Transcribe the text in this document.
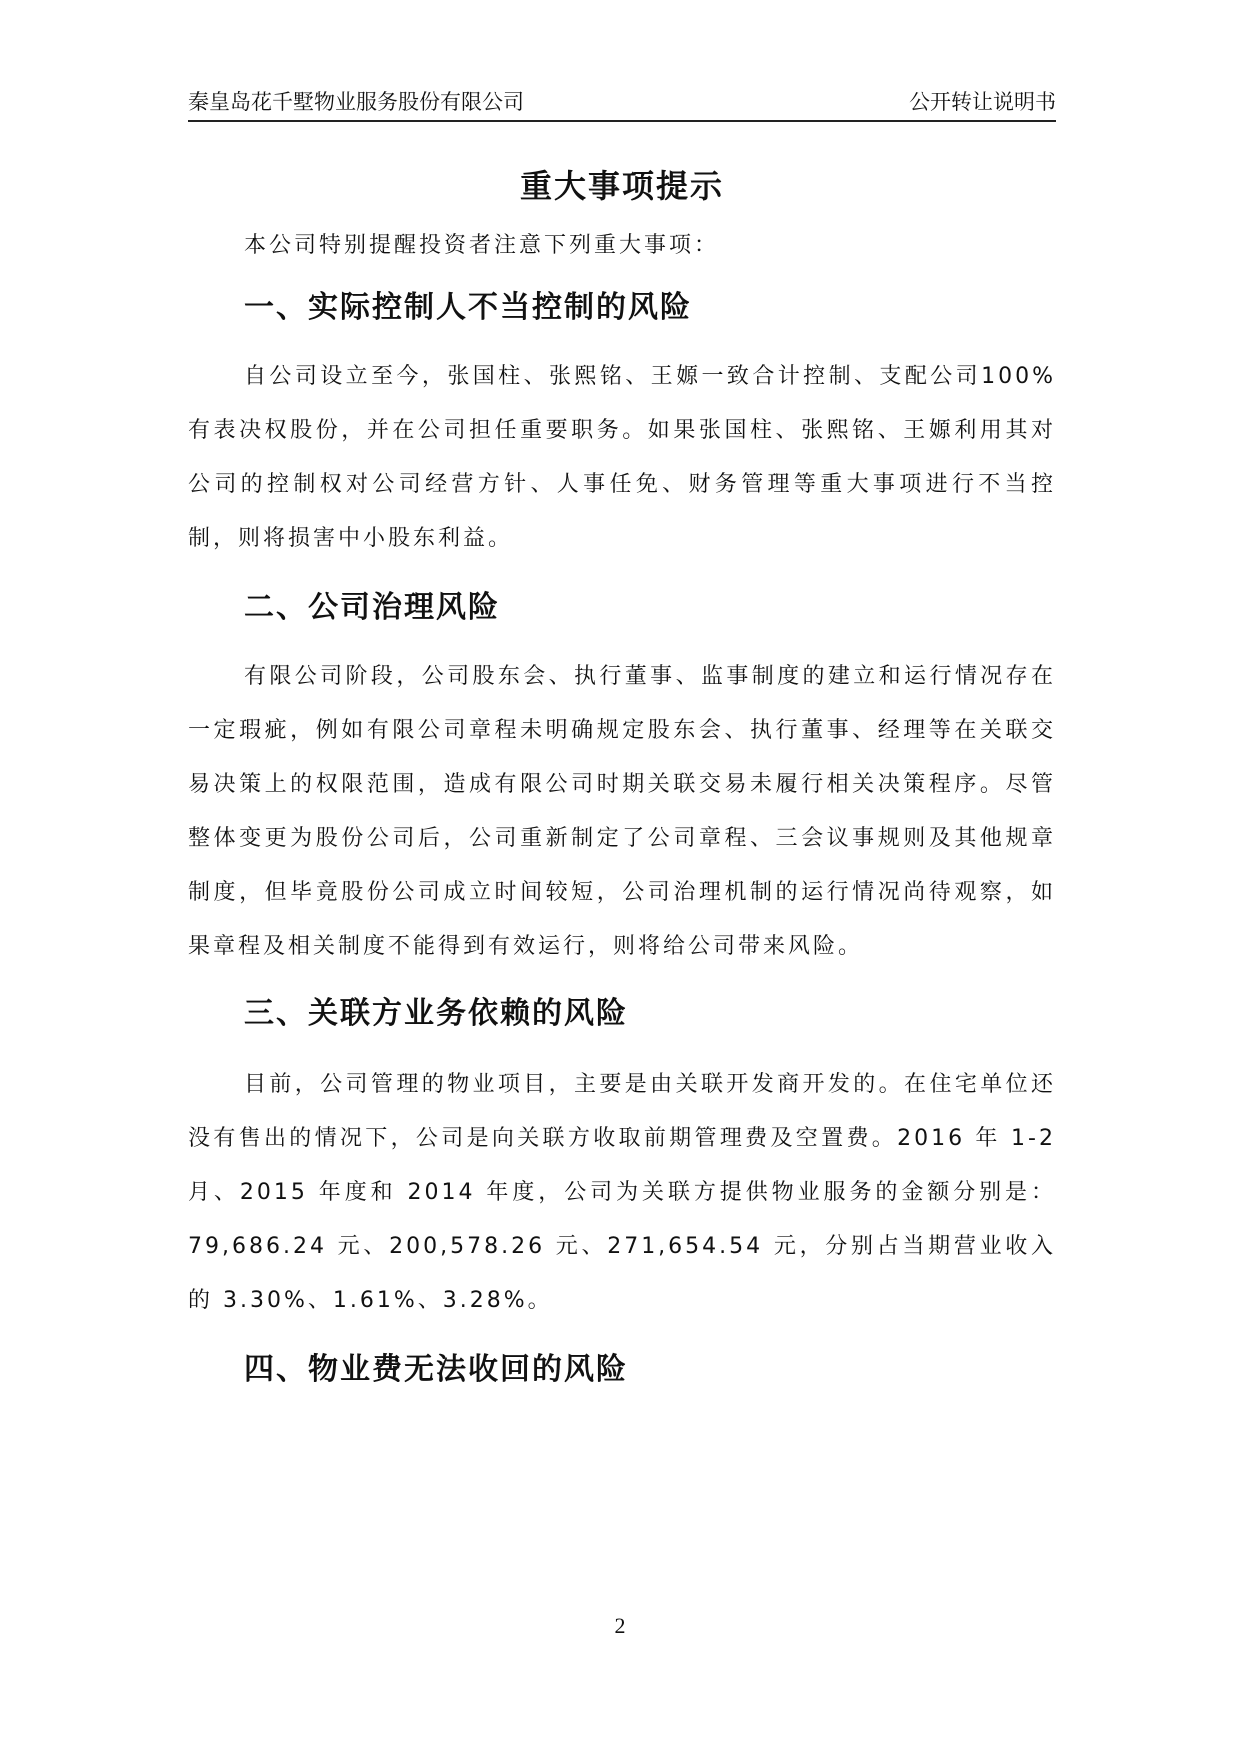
秦皇岛花千墅物业服务股份有限公司	公开转让说明书
重大事项提示

本公司特别提醒投资者注意下列重大事项：

一、实际控制人不当控制的风险

自公司设立至今，张国柱、张熙铭、王嫄一致合计控制、支配公司100%有表决权股份，并在公司担任重要职务。如果张国柱、张熙铭、王嫄利用其对公司的控制权对公司经营方针、人事任免、财务管理等重大事项进行不当控制，则将损害中小股东利益。

二、公司治理风险

有限公司阶段，公司股东会、执行董事、监事制度的建立和运行情况存在一定瑕疵，例如有限公司章程未明确规定股东会、执行董事、经理等在关联交易决策上的权限范围，造成有限公司时期关联交易未履行相关决策程序。尽管整体变更为股份公司后，公司重新制定了公司章程、三会议事规则及其他规章制度，但毕竟股份公司成立时间较短，公司治理机制的运行情况尚待观察，如果章程及相关制度不能得到有效运行，则将给公司带来风险。

三、关联方业务依赖的风险

目前，公司管理的物业项目，主要是由关联开发商开发的。在住宅单位还没有售出的情况下，公司是向关联方收取前期管理费及空置费。2016 年 1-2 月、2015 年度和 2014 年度，公司为关联方提供物业服务的金额分别是：79,686.24 元、200,578.26 元、271,654.54 元，分别占当期营业收入的 3.30%、1.61%、3.28%。

四、物业费无法收回的风险
2
